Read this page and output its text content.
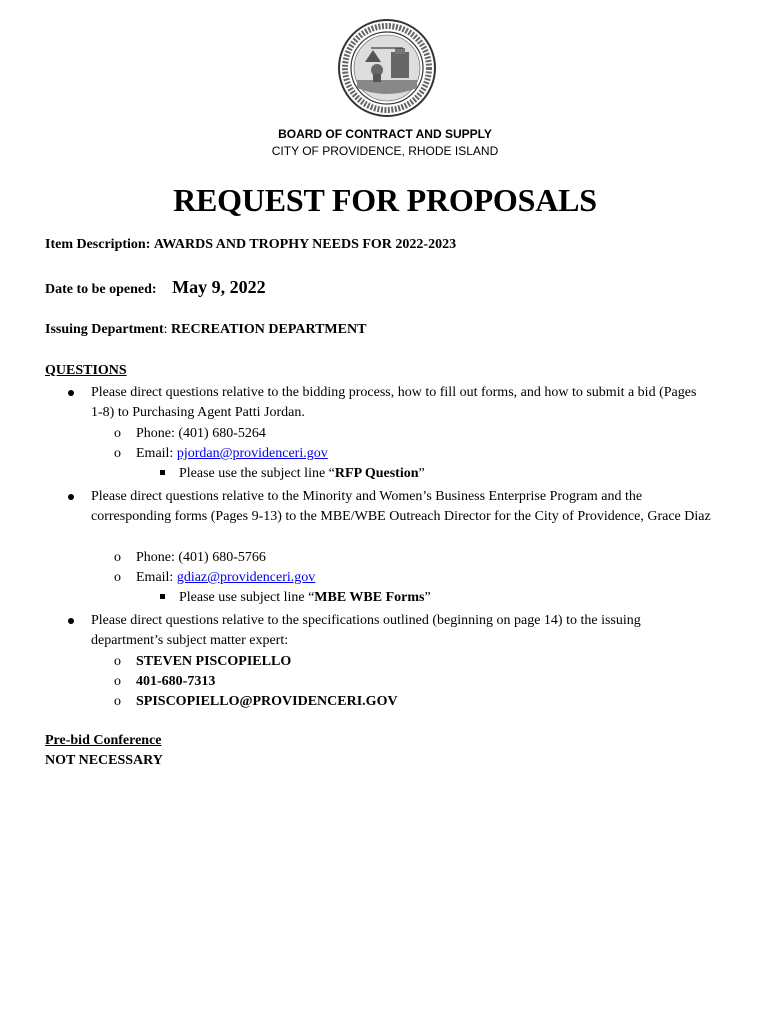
BOARD OF CONTRACT AND SUPPLY
CITY OF PROVIDENCE, RHODE ISLAND
REQUEST FOR PROPOSALS
Item Description: AWARDS AND TROPHY NEEDS FOR 2022-2023
Date to be opened: May 9, 2022
Issuing Department: RECREATION DEPARTMENT
QUESTIONS
Please direct questions relative to the bidding process, how to fill out forms, and how to submit a bid (Pages 1-8) to Purchasing Agent Patti Jordan.
o Phone: (401) 680-5264
o Email: pjordan@providenceri.gov
Please use the subject line “RFP Question”
Please direct questions relative to the Minority and Women’s Business Enterprise Program and the corresponding forms (Pages 9-13) to the MBE/WBE Outreach Director for the City of Providence, Grace Diaz
o Phone: (401) 680-5766
o Email: gdiaz@providenceri.gov
Please use subject line “MBE WBE Forms”
Please direct questions relative to the specifications outlined (beginning on page 14) to the issuing department’s subject matter expert:
o STEVEN PISCOPIELLO
o 401-680-7313
o SPISCOPIELLO@PROVIDENCERI.GOV
Pre-bid Conference
NOT NECESSARY
